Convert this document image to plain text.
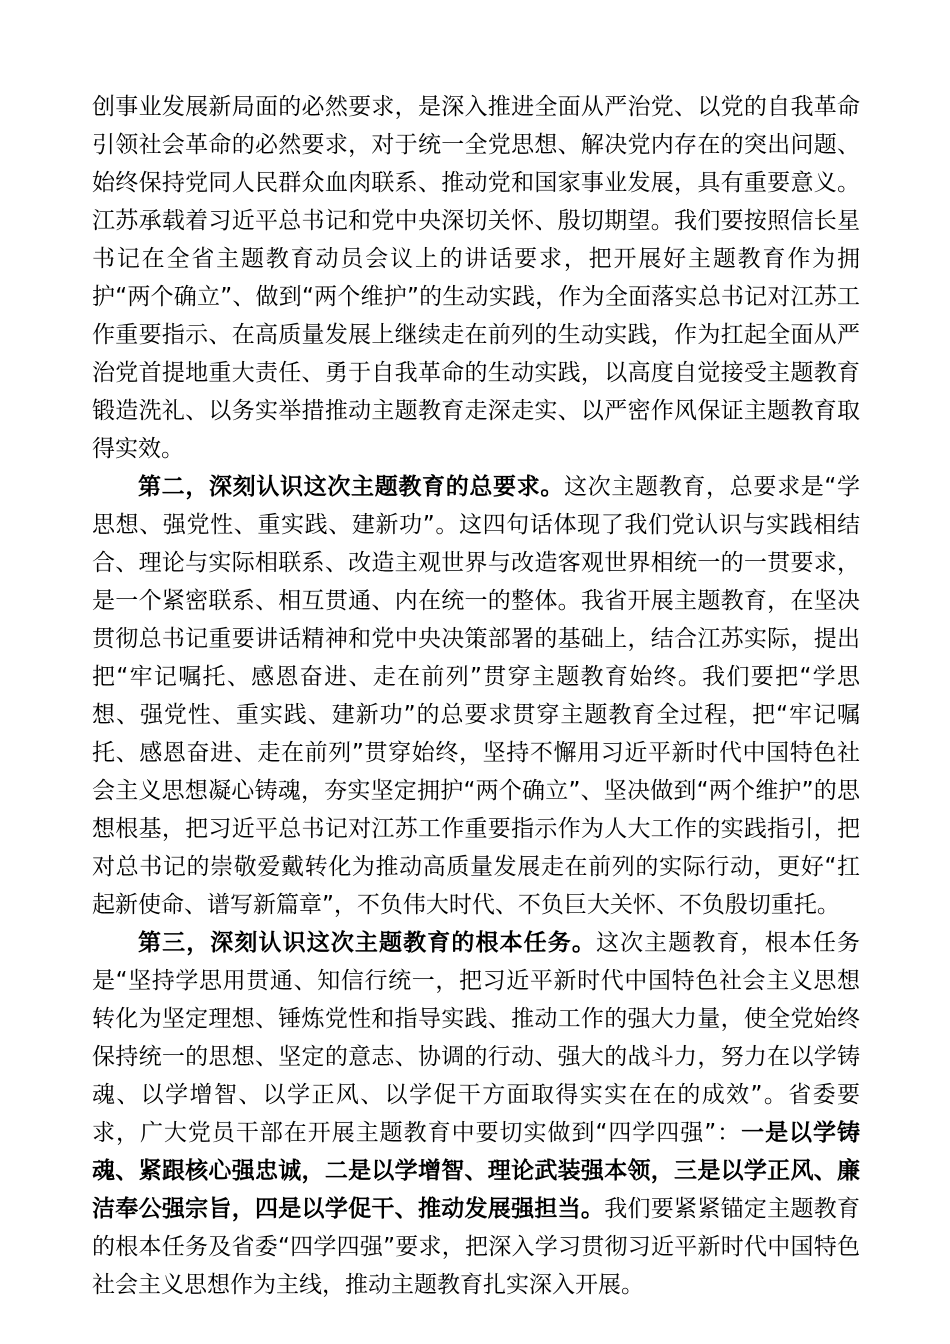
创事业发展新局面的必然要求，是深入推进全面从严治党、以党的自我革命引领社会革命的必然要求，对于统一全党思想、解决党内存在的突出问题、始终保持党同人民群众血肉联系、推动党和国家事业发展，具有重要意义。江苏承载着习近平总书记和党中央深切关怀、殷切期望。我们要按照信长星书记在全省主题教育动员会议上的讲话要求，把开展好主题教育作为拥护“两个确立”、做到“两个维护”的生动实践，作为全面落实总书记对江苏工作重要指示、在高质量发展上继续走在前列的生动实践，作为扛起全面从严治党首提地重大责任、勇于自我革命的生动实践，以高度自觉接受主题教育锻造洗礼、以务实举措推动主题教育走深走实、以严密作风保证主题教育取得实效。

第二，深刻认识这次主题教育的总要求。这次主题教育，总要求是“学思想、强党性、重实践、建新功”。这四句话体现了我们党认识与实践相结合、理论与实际相联系、改造主观世界与改造客观世界相统一的一贯要求，是一个紧密联系、相互贯通、内在统一的整体。我省开展主题教育，在坚决贯彻总书记重要讲话精神和党中央决策部署的基础上，结合江苏实际，提出把“牢记嘱托、感恩奋进、走在前列”贯穿主题教育始终。我们要把“学思想、强党性、重实践、建新功”的总要求贯穿主题教育全过程，把“牢记嘱托、感恩奋进、走在前列”贯穿始终，坚持不懈用习近平新时代中国特色社会主义思想凝心铸魂，夯实坚定拥护“两个确立”、坚决做到“两个维护”的思想根基，把习近平总书记对江苏工作重要指示作为人大工作的实践指引，把对总书记的崇敬爱戴转化为推动高质量发展走在前列的实际行动，更好“扛起新使命、谱写新篇章”，不负伟大时代、不负巨大关怀、不负殷切重托。

第三，深刻认识这次主题教育的根本任务。这次主题教育，根本任务是“坚持学思用贯通、知信行统一，把习近平新时代中国特色社会主义思想转化为坚定理想、锤炼党性和指导实践、推动工作的强大力量，使全党始终保持统一的思想、坚定的意志、协调的行动、强大的战斗力，努力在以学铸魂、以学增智、以学正风、以学促干方面取得实实在在的成效”。省委要求，广大党员干部在开展主题教育中要切实做到“四学四强”：一是以学铸魂、紧跟核心强忠诚，二是以学增智、理论武装强本领，三是以学正风、廉洁奉公强宗旨，四是以学促干、推动发展强担当。我们要紧紧锚定主题教育的根本任务及省委“四学四强”要求，把深入学习贯彻习近平新时代中国特色社会主义思想作为主线，推动主题教育扎实深入开展。
